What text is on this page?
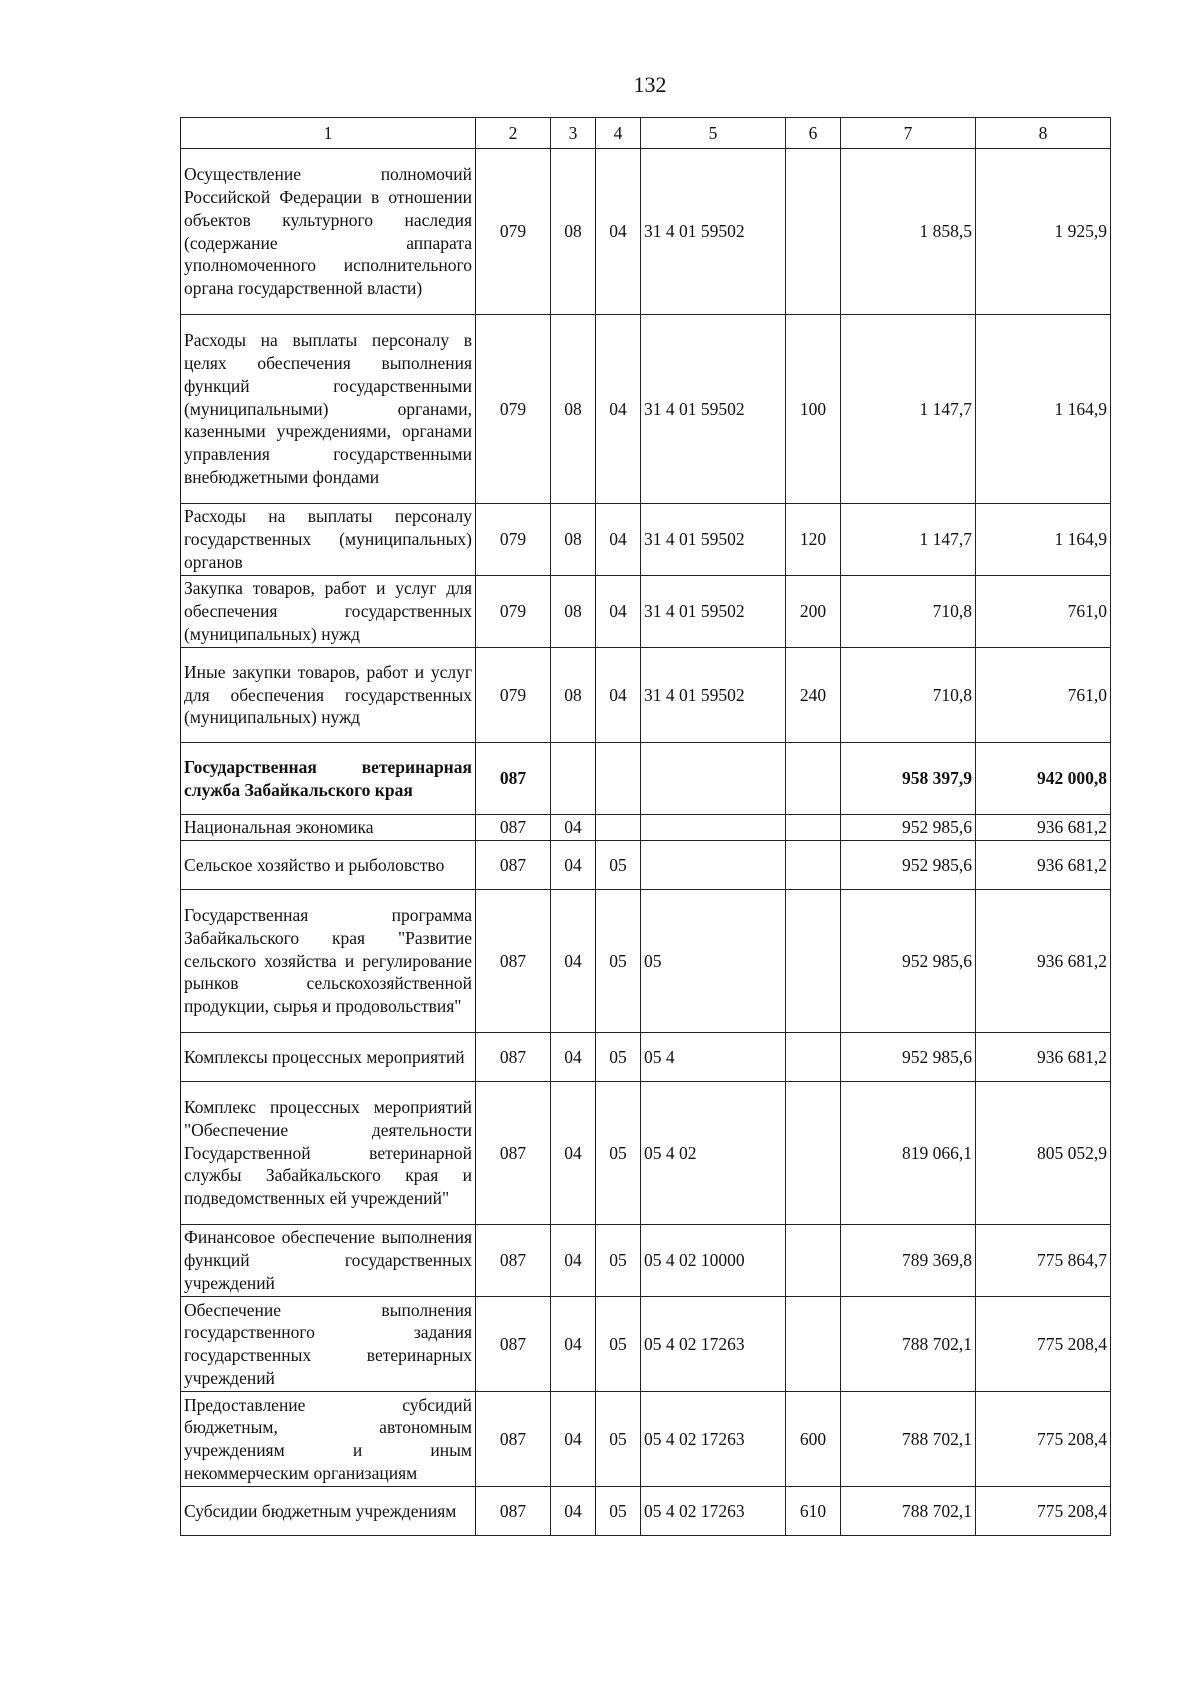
132
1	2	3	4	5	6	7	8
Осуществление полномочий Российской Федерации в отношении объектов культурного наследия (содержание аппарата уполномоченного исполнительного органа государственной власти)	079	08	04	31 4 01 59502		1 858,5	1 925,9
Расходы на выплаты персоналу в целях обеспечения выполнения функций государственными (муниципальными) органами, казенными учреждениями, органами управления государственными внебюджетными фондами	079	08	04	31 4 01 59502	100	1 147,7	1 164,9
Расходы на выплаты персоналу государственных (муниципальных) органов	079	08	04	31 4 01 59502	120	1 147,7	1 164,9
Закупка товаров, работ и услуг для обеспечения государственных (муниципальных) нужд	079	08	04	31 4 01 59502	200	710,8	761,0
Иные закупки товаров, работ и услуг для обеспечения государственных (муниципальных) нужд	079	08	04	31 4 01 59502	240	710,8	761,0
Государственная ветеринарная служба Забайкальского края	087					958 397,9	942 000,8
Национальная экономика	087	04				952 985,6	936 681,2
Сельское хозяйство и рыболовство	087	04	05			952 985,6	936 681,2
Государственная программа Забайкальского края "Развитие сельского хозяйства и регулирование рынков сельскохозяйственной продукции, сырья и продовольствия"	087	04	05	05		952 985,6	936 681,2
Комплексы процессных мероприятий	087	04	05	05 4		952 985,6	936 681,2
Комплекс процессных мероприятий "Обеспечение деятельности Государственной ветеринарной службы Забайкальского края и подведомственных ей учреждений"	087	04	05	05 4 02		819 066,1	805 052,9
Финансовое обеспечение выполнения функций государственных учреждений	087	04	05	05 4 02 10000		789 369,8	775 864,7
Обеспечение выполнения государственного задания государственных ветеринарных учреждений	087	04	05	05 4 02 17263		788 702,1	775 208,4
Предоставление субсидий бюджетным, автономным учреждениям и иным некоммерческим организациям	087	04	05	05 4 02 17263	600	788 702,1	775 208,4
Субсидии бюджетным учреждениям	087	04	05	05 4 02 17263	610	788 702,1	775 208,4
